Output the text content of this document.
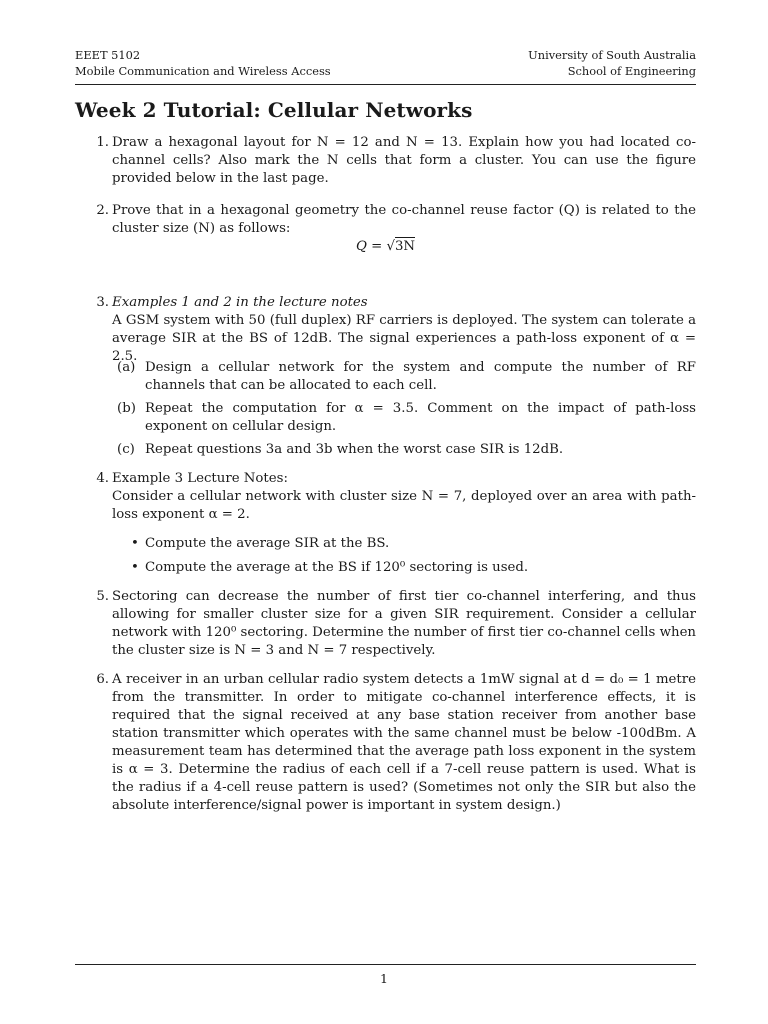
EEET 5102
Mobile Communication and Wireless Access
University of South Australia
School of Engineering
Week 2 Tutorial: Cellular Networks
1. Draw a hexagonal layout for N = 12 and N = 13. Explain how you had located co-channel cells? Also mark the N cells that form a cluster. You can use the figure provided below in the last page.
2. Prove that in a hexagonal geometry the co-channel reuse factor (Q) is related to the cluster size (N) as follows:
Q = √3N
3. Examples 1 and 2 in the lecture notes
A GSM system with 50 (full duplex) RF carriers is deployed. The system can tolerate a average SIR at the BS of 12dB. The signal experiences a path-loss exponent of α = 2.5.
(a) Design a cellular network for the system and compute the number of RF channels that can be allocated to each cell.
(b) Repeat the computation for α = 3.5. Comment on the impact of path-loss exponent on cellular design.
(c) Repeat questions 3a and 3b when the worst case SIR is 12dB.
4. Example 3 Lecture Notes:
Consider a cellular network with cluster size N = 7, deployed over an area with path-loss exponent α = 2.
• Compute the average SIR at the BS.
• Compute the average at the BS if 120⁰ sectoring is used.
5. Sectoring can decrease the number of first tier co-channel interfering, and thus allowing for smaller cluster size for a given SIR requirement. Consider a cellular network with 120⁰ sectoring. Determine the number of first tier co-channel cells when the cluster size is N = 3 and N = 7 respectively.
6. A receiver in an urban cellular radio system detects a 1mW signal at d = d₀ = 1 metre from the transmitter. In order to mitigate co-channel interference effects, it is required that the signal received at any base station receiver from another base station transmitter which operates with the same channel must be below -100dBm. A measurement team has determined that the average path loss exponent in the system is α = 3. Determine the radius of each cell if a 7-cell reuse pattern is used. What is the radius if a 4-cell reuse pattern is used? (Sometimes not only the SIR but also the absolute interference/signal power is important in system design.)
1
